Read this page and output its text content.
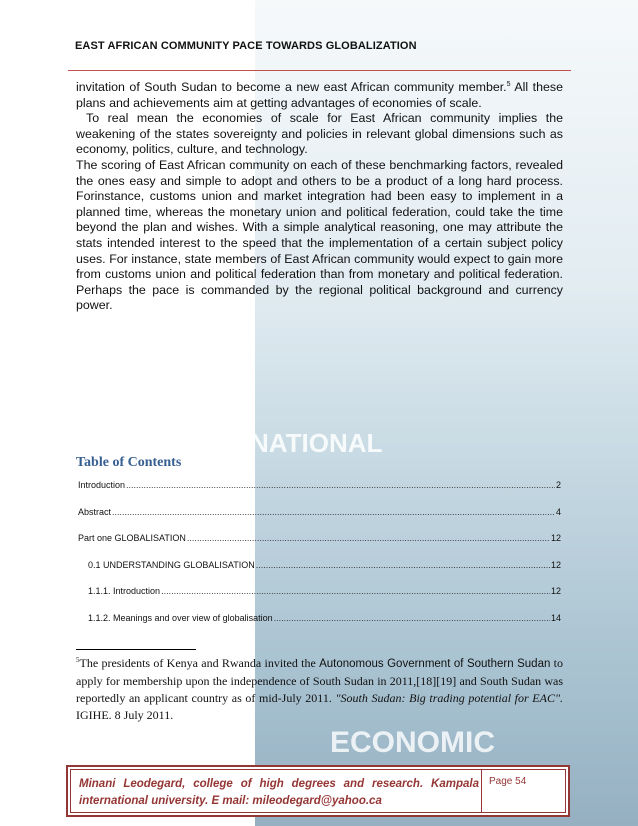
INTERNATIONAL
ECONOMIC
EAST AFRICAN COMMUNITY PACE TOWARDS GLOBALIZATION

invitation of South Sudan to become a new east African community member.$^5$ All these plans and achievements aim at getting advantages of economies of scale.

To real mean the economies of scale for East African community implies the weakening of the states sovereignty and policies in relevant global dimensions such as economy, politics, culture, and technology.

The scoring of East African community on each of these benchmarking factors, revealed the ones easy and simple to adopt and others to be a product of a long hard process. Forinstance, customs union and market integration had been easy to implement in a planned time, whereas the monetary union and political federation, could take the time beyond the plan and wishes. With a simple analytical reasoning, one may attribute the stats intended interest to the speed that the implementation of a certain subject policy uses. For instance, state members of East African community would expect to gain more from customs union and political federation than from monetary and political federation. Perhaps the pace is commanded by the regional political background and currency power.

Table of Contents
Introduction .....	2
Abstract .....	4
Part one GLOBALISATION .....	12
0.1 UNDERSTANDING GLOBALISATION .....	12
1.1.1. Introduction .....	12
1.1.2. Meanings and over view of globalisation .....	14
$^5$The presidents of Kenya and Rwanda invited the Autonomous Government of Southern Sudan to apply for membership upon the independence of South Sudan in 2011,[18][19] and South Sudan was reportedly an applicant country as of mid-July 2011. "South Sudan: Big trading potential for EAC". IGIHE. 8 July 2011.
Minani Leodegard, college of high degrees and research. Kampala international university. E mail: mileodegard@yahoo.ca
Page 54
